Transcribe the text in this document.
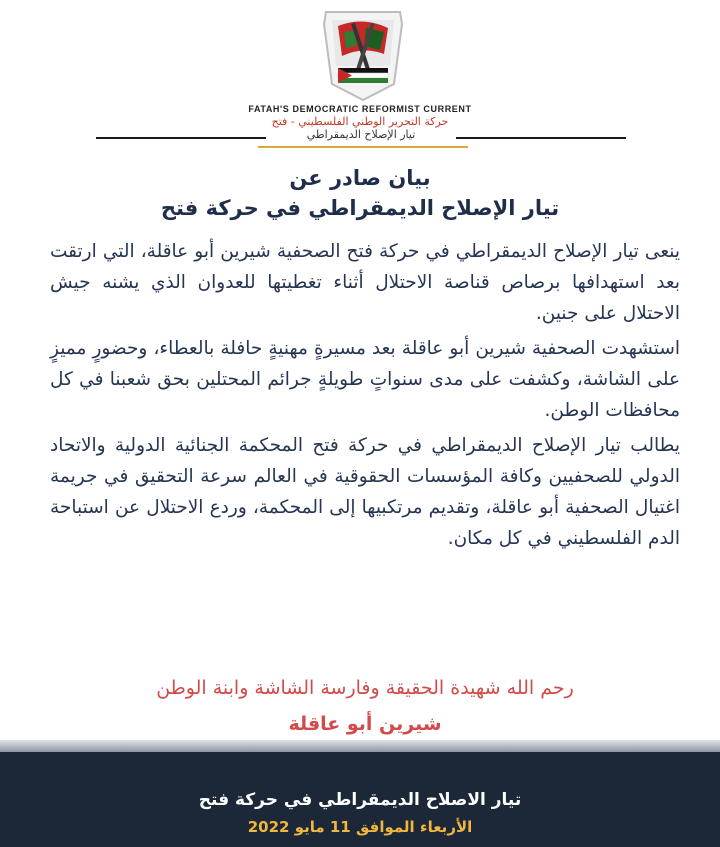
FATAH'S DEMOCRATIC REFORMIST CURRENT
حركة التحرير الوطني الفلسطيني - فتح
تيار الإصلاح الديمقراطي
بيان صادر عن
تيار الإصلاح الديمقراطي في حركة فتح

ينعى تيار الإصلاح الديمقراطي في حركة فتح الصحفية شيرين أبو عاقلة، التي ارتقت بعد استهدافها برصاص قناصة الاحتلال أثناء تغطيتها للعدوان الذي يشنه جيش الاحتلال على جنين.

استشهدت الصحفية شيرين أبو عاقلة بعد مسيرةٍ مهنيةٍ حافلة بالعطاء، وحضورٍ مميزٍ على الشاشة، وكشفت على مدى سنواتٍ طويلةٍ جرائم المحتلين بحق شعبنا في كل محافظات الوطن.

يطالب تيار الإصلاح الديمقراطي في حركة فتح المحكمة الجنائية الدولية والاتحاد الدولي للصحفيين وكافة المؤسسات الحقوقية في العالم سرعة التحقيق في جريمة اغتيال الصحفية أبو عاقلة، وتقديم مرتكبيها إلى المحكمة، وردع الاحتلال عن استباحة الدم الفلسطيني في كل مكان.

رحم الله شهيدة الحقيقة وفارسة الشاشة وابنة الوطن
شيرين أبو عاقلة
تيار الاصلاح الديمقراطي في حركة فتح
الأربعاء الموافق 11 مايو 2022
